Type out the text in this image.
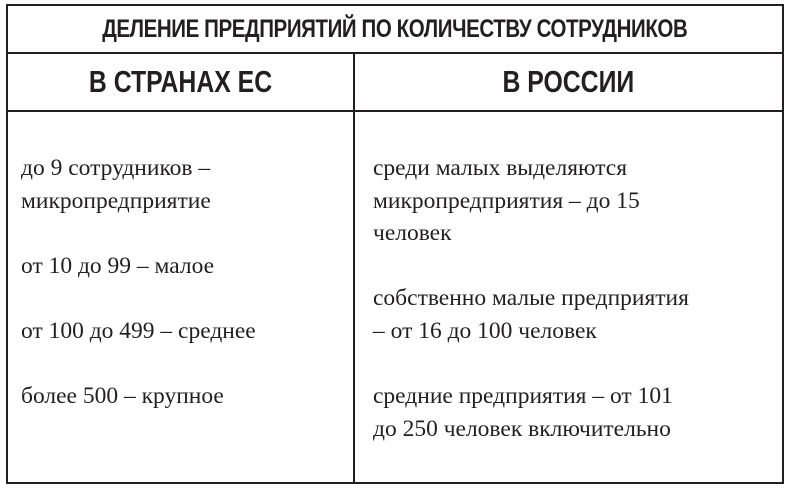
ДЕЛЕНИЕ ПРЕДПРИЯТИЙ ПО КОЛИЧЕСТВУ СОТРУДНИКОВ
В СТРАНАХ ЕС	В РОССИИ

до 9 сотрудников –
микропредприятие

от 10 до 99 – малое

от 100 до 499 – среднее

более 500 – крупное

среди малых выделяются
микропредприятия – до 15
человек

собственно малые предприятия
– от 16 до 100 человек

средние предприятия – от 101
до 250 человек включительно
